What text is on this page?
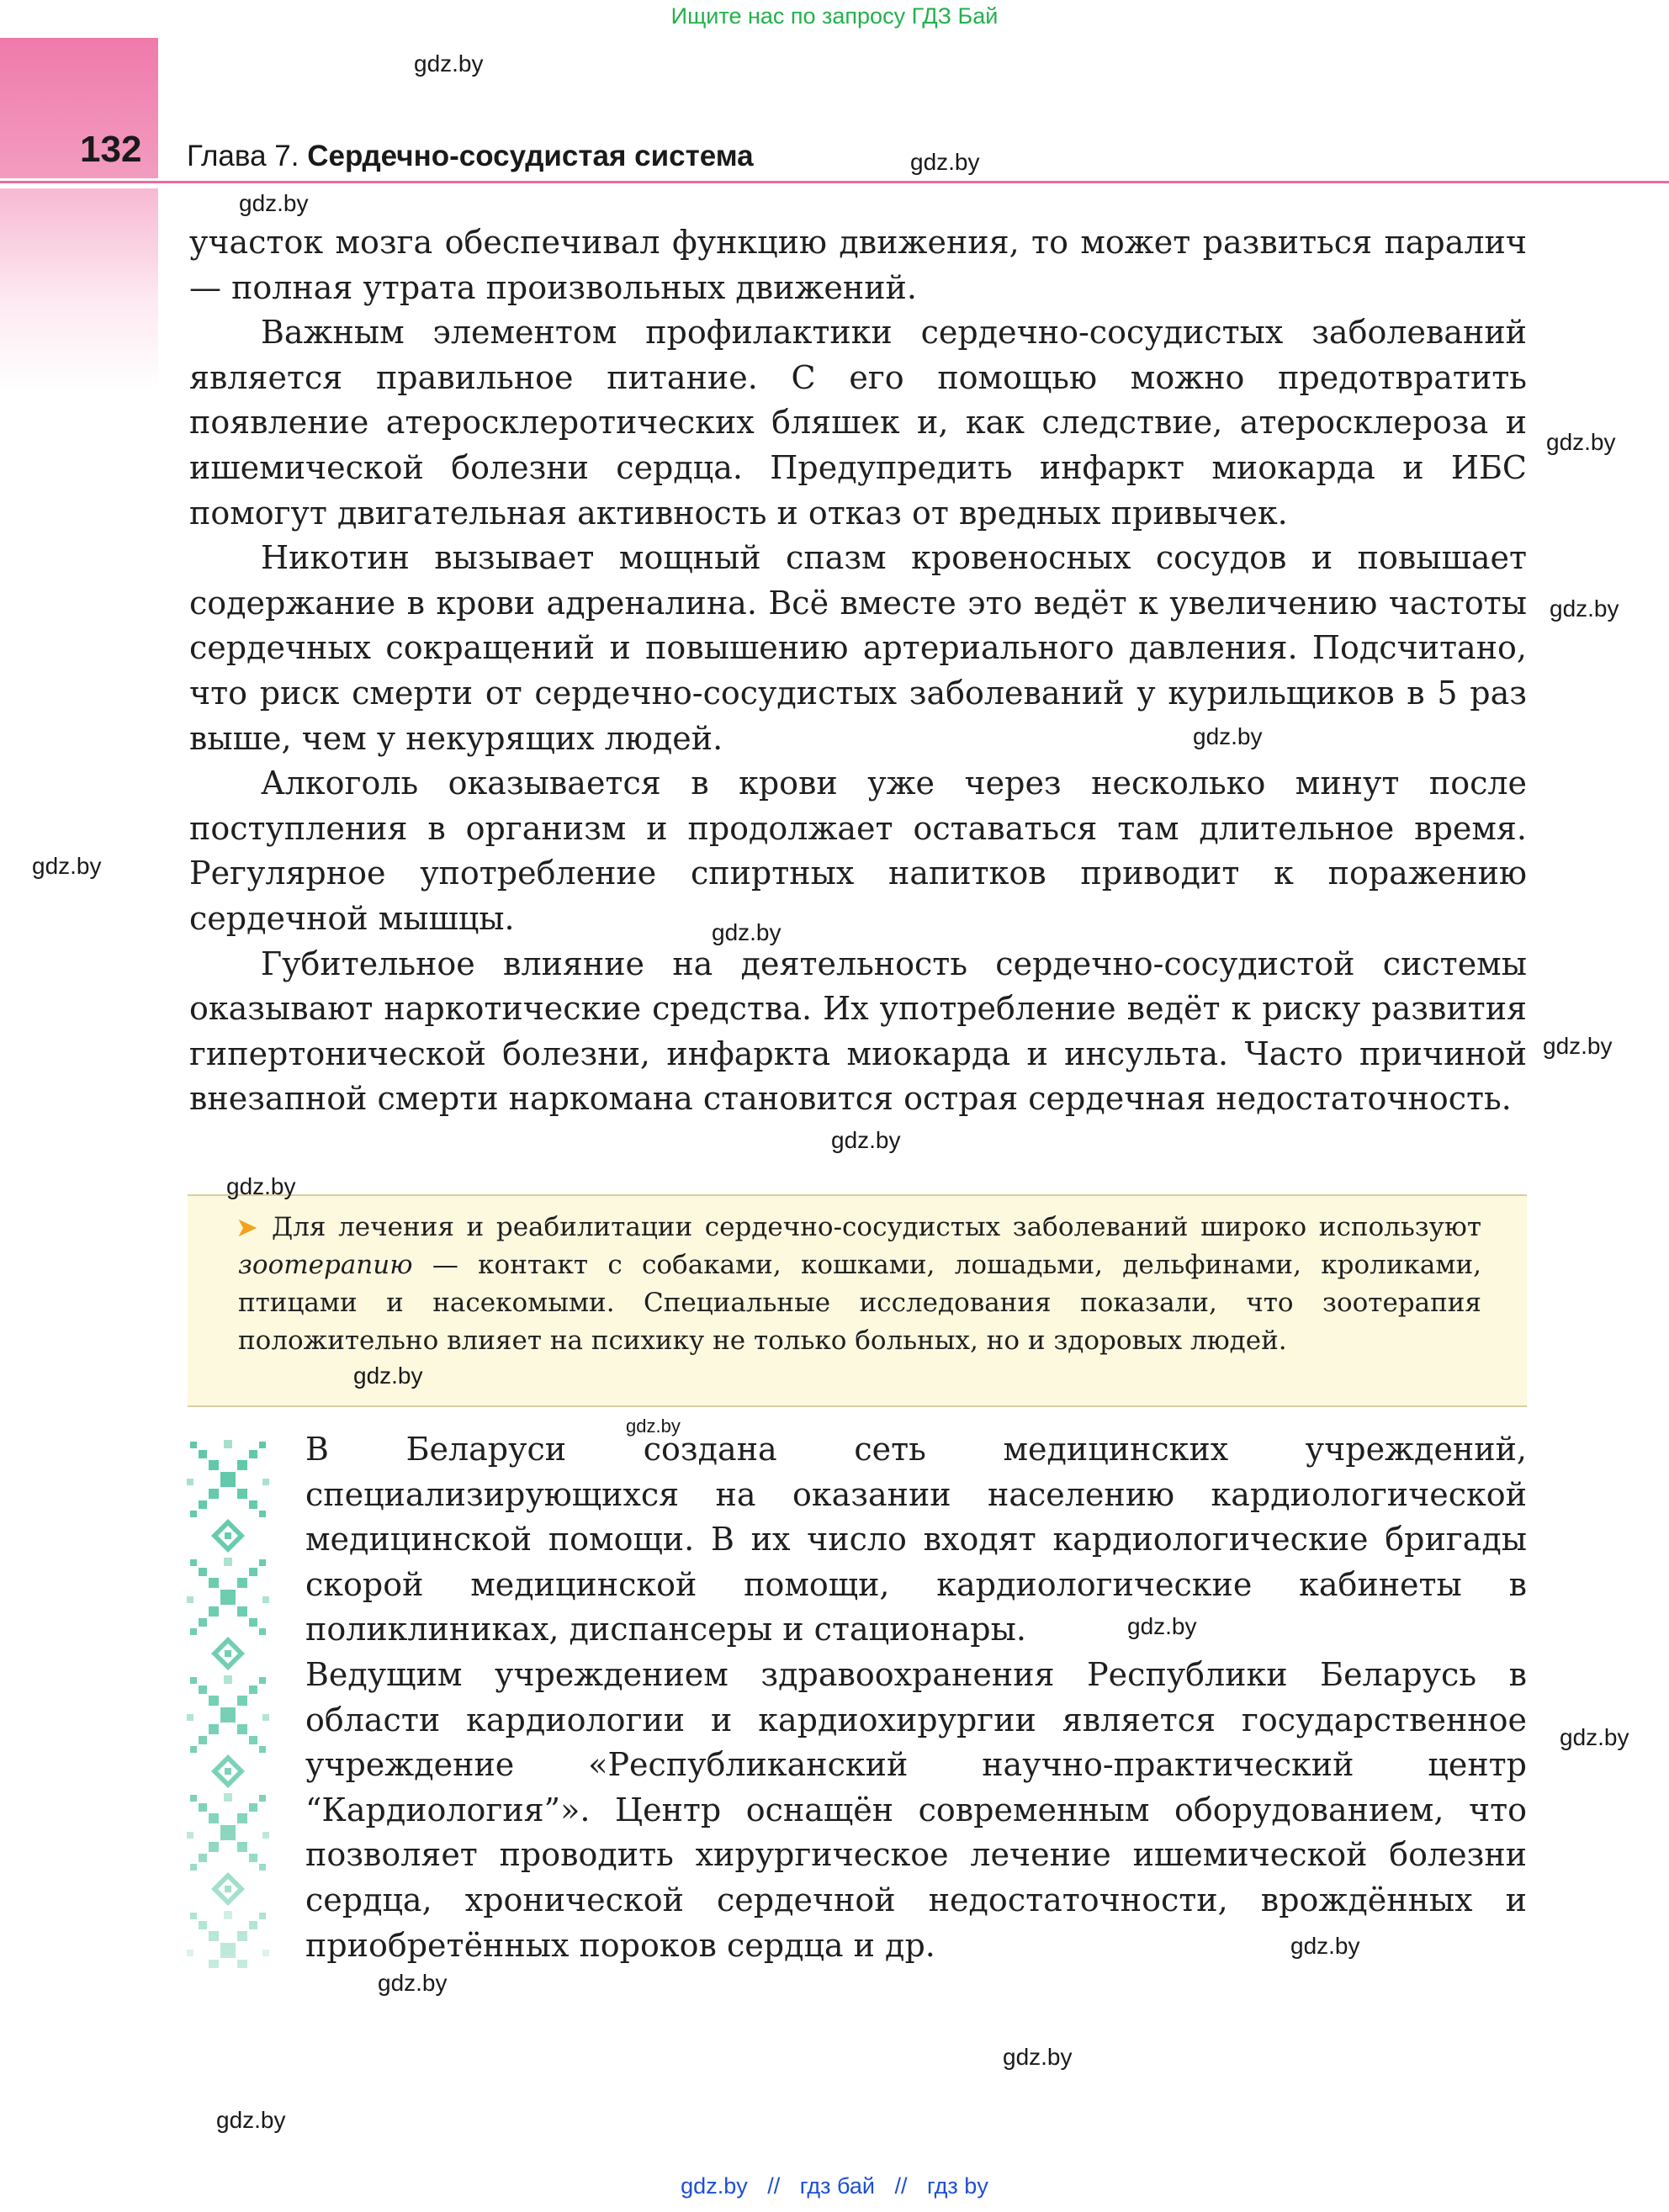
Ищите нас по запросу ГДЗ Бай
132 Глава 7. Сердечно-сосудистая система

участок мозга обеспечивал функцию движения, то может развиться паралич — полная утрата произвольных движений.

Важным элементом профилактики сердечно-сосудистых заболеваний является правильное питание. С его помощью можно предотвратить появление атеросклеротических бляшек и, как следствие, атеросклероза и ишемической болезни сердца. Предупредить инфаркт миокарда и ИБС помогут двигательная активность и отказ от вредных привычек.

Никотин вызывает мощный спазм кровеносных сосудов и повышает содержание в крови адреналина. Всё вместе это ведёт к увеличению частоты сердечных сокращений и повышению артериального давления. Подсчитано, что риск смерти от сердечно-сосудистых заболеваний у курильщиков в 5 раз выше, чем у некурящих людей.

Алкоголь оказывается в крови уже через несколько минут после поступления в организм и продолжает оставаться там длительное время. Регулярное употребление спиртных напитков приводит к поражению сердечной мышцы.

Губительное влияние на деятельность сердечно-сосудистой системы оказывают наркотические средства. Их употребление ведёт к риску развития гипертонической болезни, инфаркта миокарда и инсульта. Часто причиной внезапной смерти наркомана становится острая сердечная недостаточность.

➤ Для лечения и реабилитации сердечно-сосудистых заболеваний широко используют зоотерапию — контакт с собаками, кошками, лошадьми, дельфинами, кроликами, птицами и насекомыми. Специальные исследования показали, что зоотерапия положительно влияет на психику не только больных, но и здоровых людей.

В Беларуси создана сеть медицинских учреждений, специализирующихся на оказании населению кардиологической медицинской помощи. В их число входят кардиологические бригады скорой медицинской помощи, кардиологические кабинеты в поликлиниках, диспансеры и стационары.

Ведущим учреждением здравоохранения Республики Беларусь в области кардиологии и кардиохирургии является государственное учреждение «Республиканский научно-практический центр “Кардиология”». Центр оснащён современным оборудованием, что позволяет проводить хирургическое лечение ишемической болезни сердца, хронической сердечной недостаточности, врождённых и приобретённых пороков сердца и др.

gdz.by
gdz.by
gdz.by
gdz.by
gdz.by
gdz.by
gdz.by
gdz.by
gdz.by
gdz.by
gdz.by
gdz.by
gdz.by
gdz.by
gdz.by
gdz.by
gdz.by
gdz.by
gdz.by
gdz.by // гдз бай // гдз by
